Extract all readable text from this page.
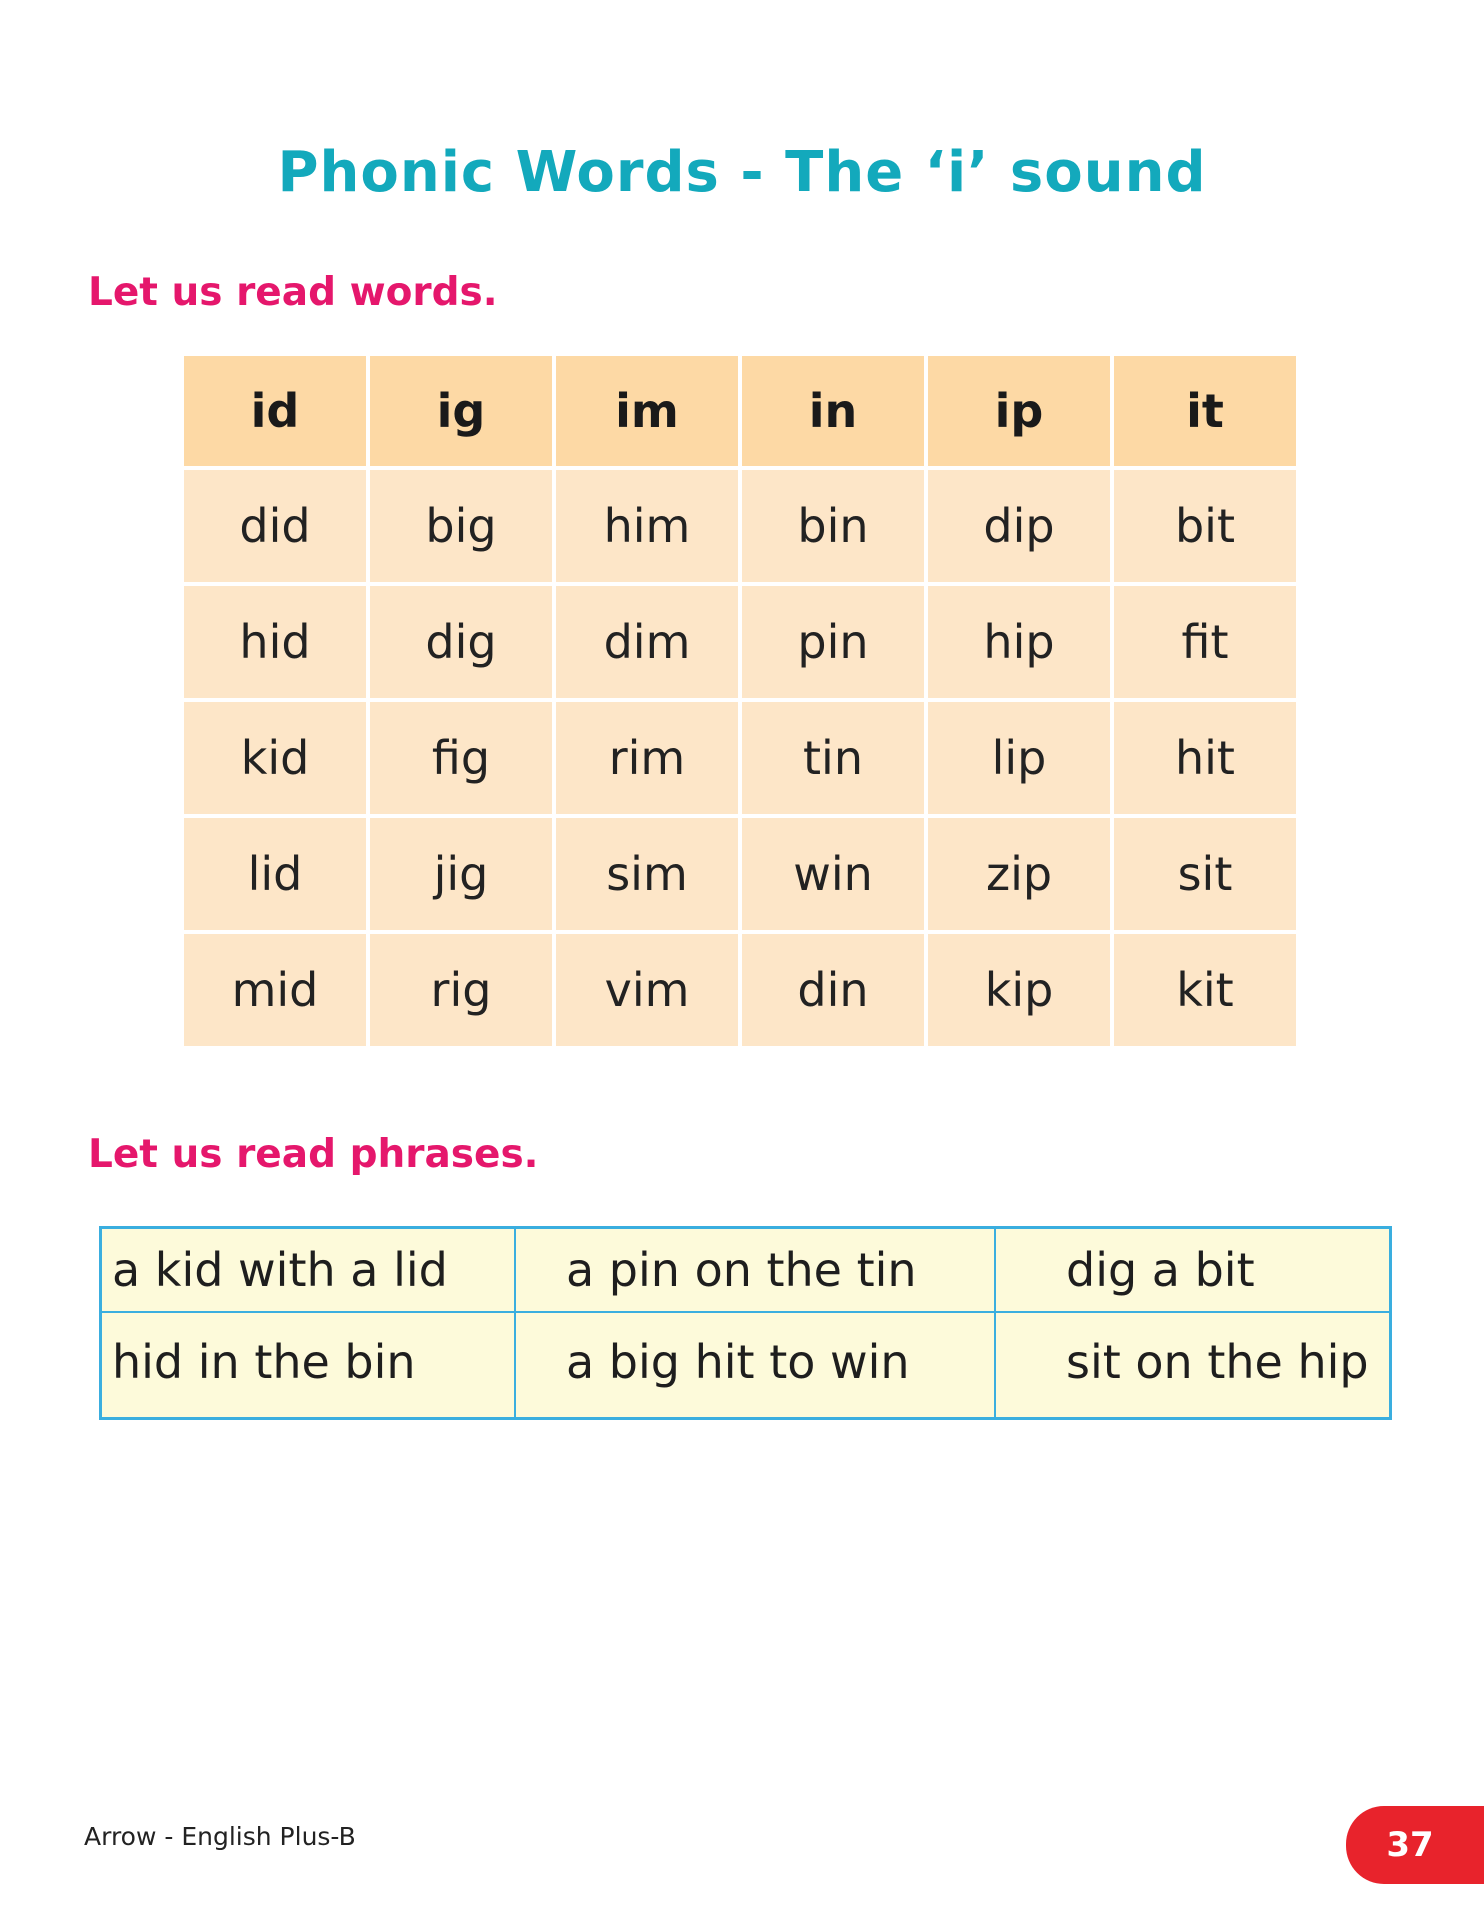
Phonic Words - The ‘i’ sound
Let us read words.
id	ig	im	in	ip	it
did	big	him	bin	dip	bit
hid	dig	dim	pin	hip	fit
kid	fig	rim	tin	lip	hit
lid	jig	sim	win	zip	sit
mid	rig	vim	din	kip	kit
Let us read phrases.
a kid with a lid	a pin on the tin	dig a bit
hid in the bin	a big hit to win	sit on the hip
Arrow - English Plus-B	37
